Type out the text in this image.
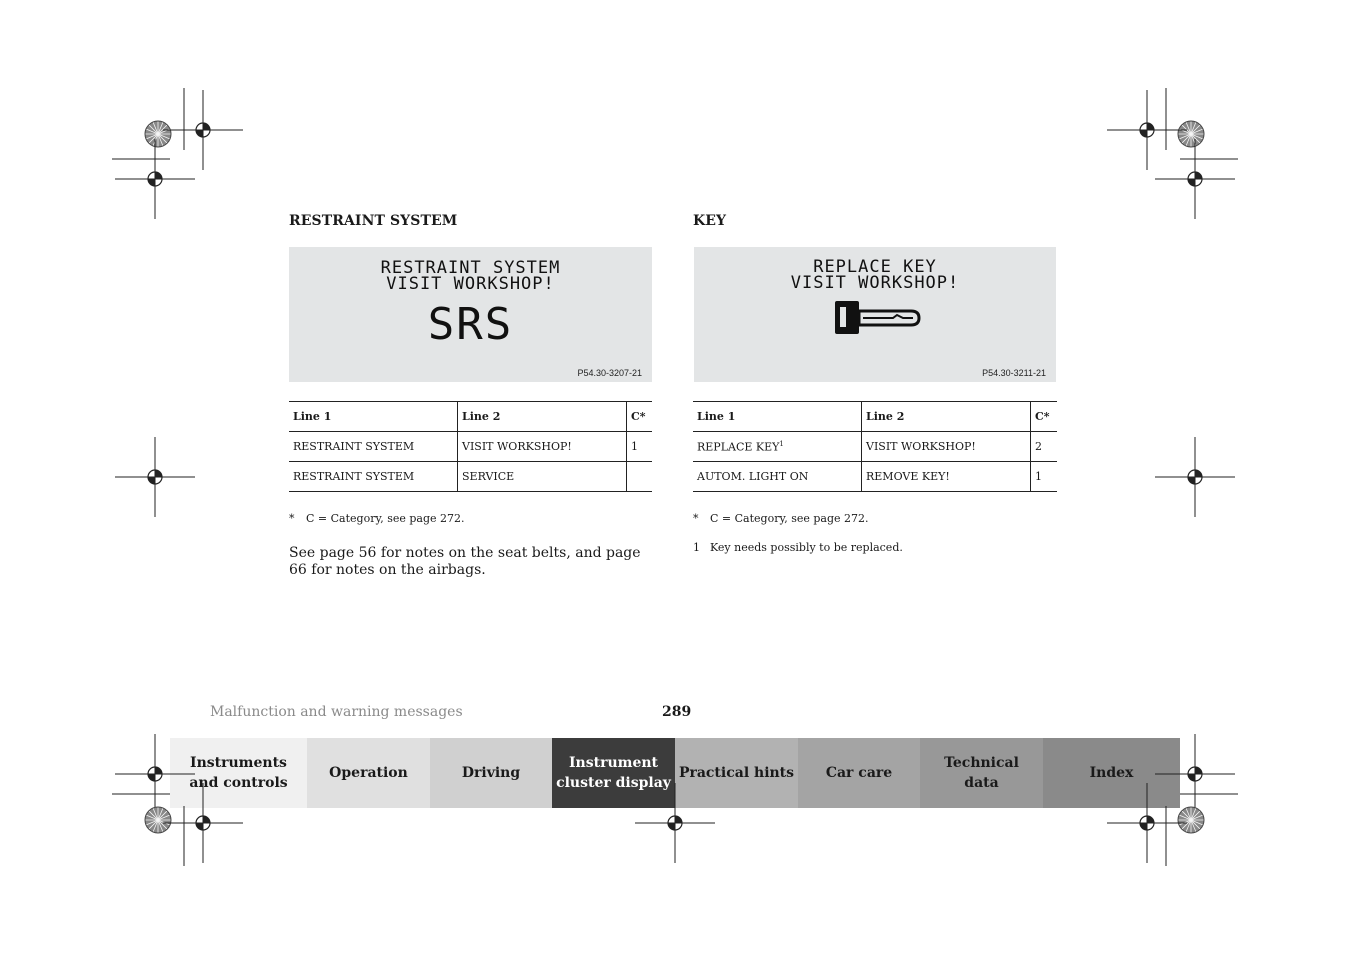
RESTRAINT SYSTEM
RESTRAINT SYSTEM
VISIT WORKSHOP!
SRS
P54.30-3207-21
Line 1	Line 2	C*
RESTRAINT SYSTEM	VISIT WORKSHOP!	1
RESTRAINT SYSTEM	SERVICE	
* C = Category, see page 272.
See page 56 for notes on the seat belts, and page 66 for notes on the airbags.
KEY
REPLACE KEY
VISIT WORKSHOP!
P54.30-3211-21
Line 1	Line 2	C*
REPLACE KEY$^1$	VISIT WORKSHOP!	2
AUTOM. LIGHT ON	REMOVE KEY!	1
* C = Category, see page 272.
1 Key needs possibly to be replaced.
Malfunction and warning messages	289
Instruments
and controls
Operation	Driving
Instrument
cluster display
Practical hints Car care
Technical
data
Index
